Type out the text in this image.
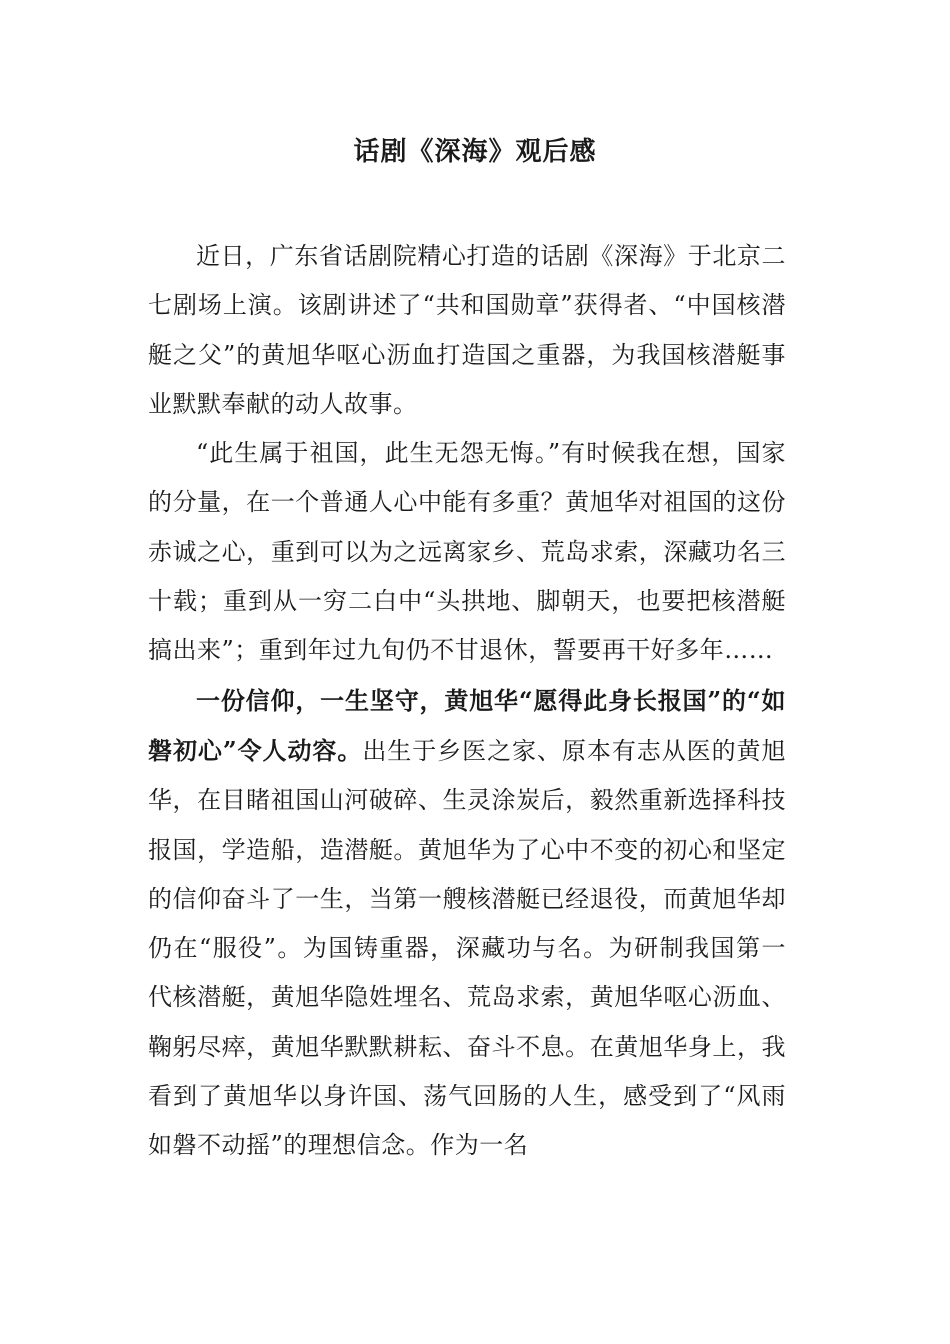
话剧《深海》观后感

近日，广东省话剧院精心打造的话剧《深海》于北京二七剧场上演。该剧讲述了“共和国勋章”获得者、“中国核潜艇之父”的黄旭华呕心沥血打造国之重器，为我国核潜艇事业默默奉献的动人故事。

“此生属于祖国，此生无怨无悔。”有时候我在想，国家的分量，在一个普通人心中能有多重？黄旭华对祖国的这份赤诚之心，重到可以为之远离家乡、荒岛求索，深藏功名三十载；重到从一穷二白中“头拱地、脚朝天，也要把核潜艇搞出来”；重到年过九旬仍不甘退休，誓要再干好多年……

一份信仰，一生坚守，黄旭华“愿得此身长报国”的“如磐初心”令人动容。出生于乡医之家、原本有志从医的黄旭华，在目睹祖国山河破碎、生灵涂炭后，毅然重新选择科技报国，学造船，造潜艇。黄旭华为了心中不变的初心和坚定的信仰奋斗了一生，当第一艘核潜艇已经退役，而黄旭华却仍在“服役”。为国铸重器，深藏功与名。为研制我国第一代核潜艇，黄旭华隐姓埋名、荒岛求索，黄旭华呕心沥血、鞠躬尽瘁，黄旭华默默耕耘、奋斗不息。在黄旭华身上，我看到了黄旭华以身许国、荡气回肠的人生，感受到了“风雨如磐不动摇”的理想信念。作为一名
